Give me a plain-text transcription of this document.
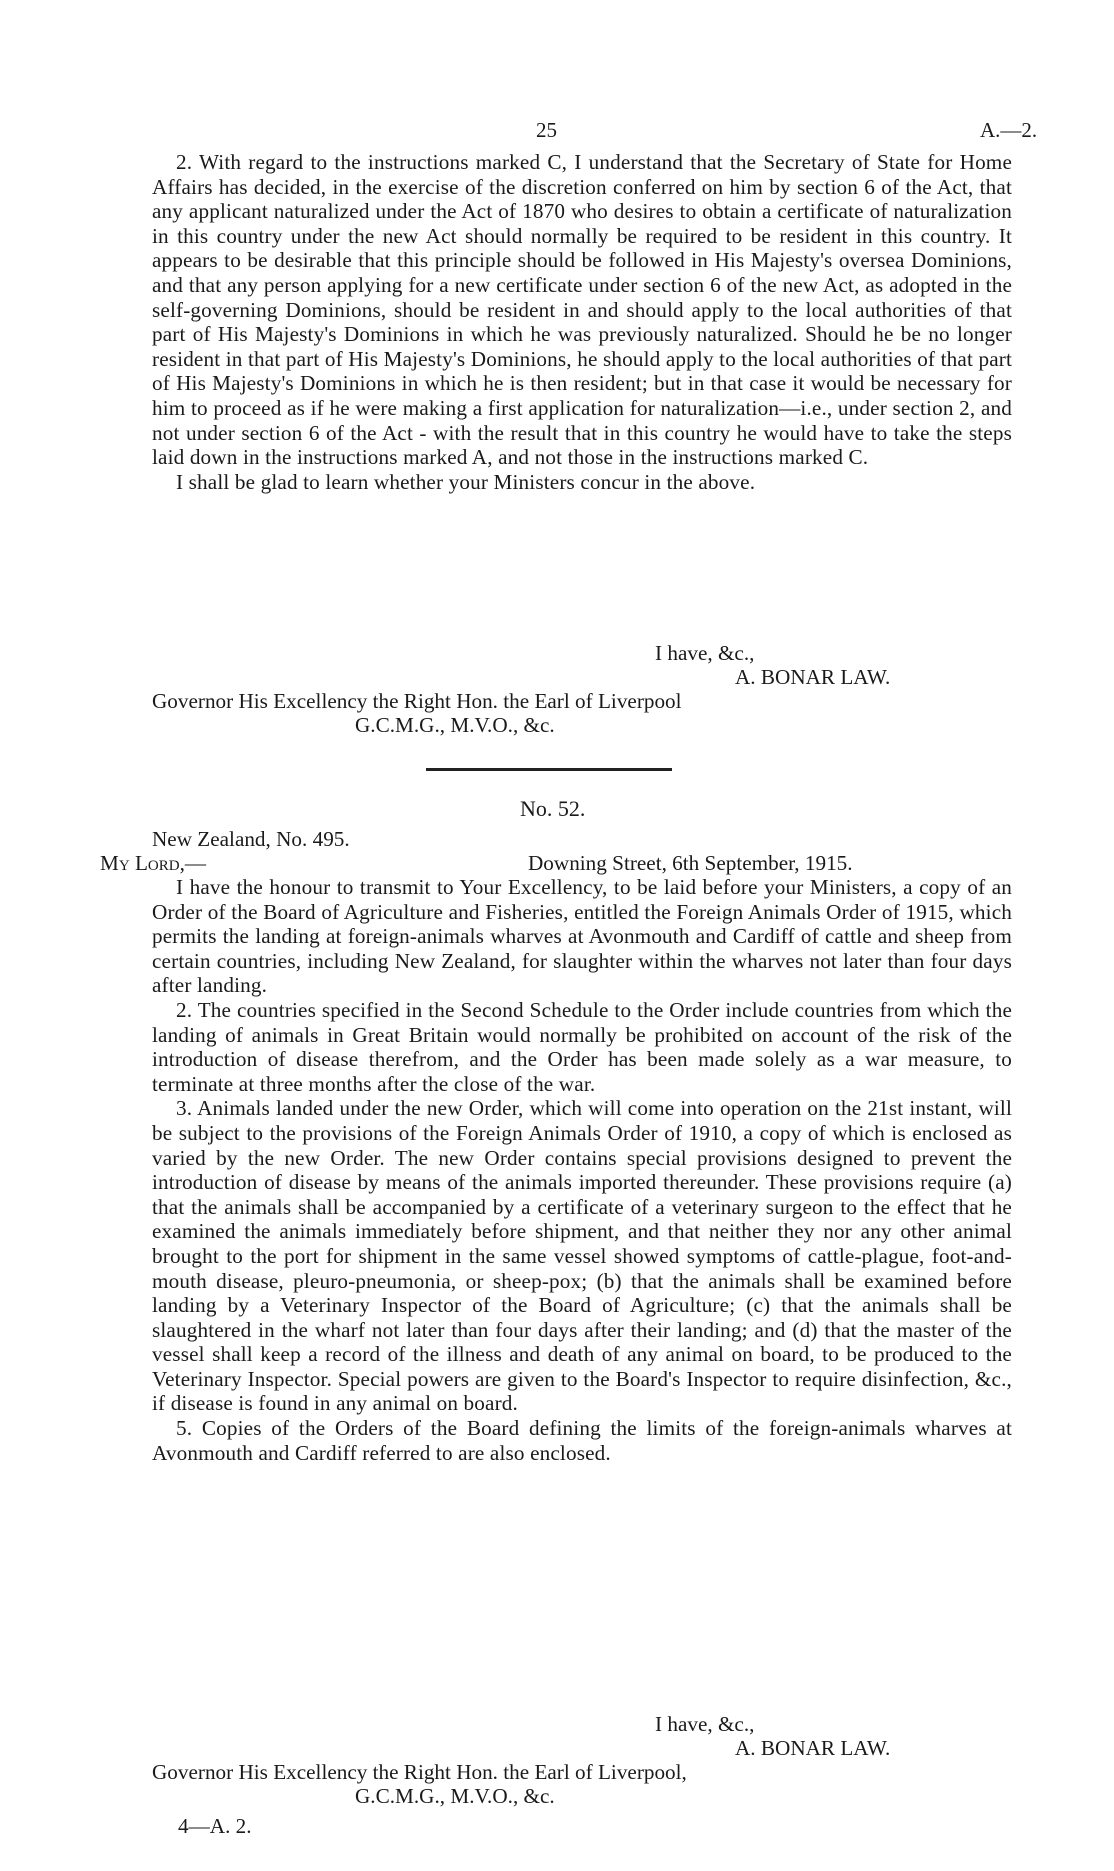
25	A.—2.

2. With regard to the instructions marked C, I understand that the Secretary of State for Home Affairs has decided, in the exercise of the discretion conferred on him by section 6 of the Act, that any applicant naturalized under the Act of 1870 who desires to obtain a certificate of naturalization in this country under the new Act should normally be required to be resident in this country. It appears to be desirable that this principle should be followed in His Majesty's oversea Dominions, and that any person applying for a new certificate under section 6 of the new Act, as adopted in the self-governing Dominions, should be resident in and should apply to the local authorities of that part of His Majesty's Dominions in which he was previously naturalized. Should he be no longer resident in that part of His Majesty's Dominions, he should apply to the local authorities of that part of His Majesty's Dominions in which he is then resident; but in that case it would be necessary for him to proceed as if he were making a first application for naturalization—i.e., under section 2, and not under section 6 of the Act - with the result that in this country he would have to take the steps laid down in the instructions marked A, and not those in the instructions marked C.

I shall be glad to learn whether your Ministers concur in the above.

I have, &c.,
A. BONAR LAW.
Governor His Excellency the Right Hon. the Earl of Liverpool
G.C.M.G., M.V.O., &c.
No. 52.
New Zealand, No. 495.
My Lord,—	Downing Street, 6th September, 1915.

I have the honour to transmit to Your Excellency, to be laid before your Ministers, a copy of an Order of the Board of Agriculture and Fisheries, entitled the Foreign Animals Order of 1915, which permits the landing at foreign-animals wharves at Avonmouth and Cardiff of cattle and sheep from certain countries, including New Zealand, for slaughter within the wharves not later than four days after landing.

2. The countries specified in the Second Schedule to the Order include countries from which the landing of animals in Great Britain would normally be prohibited on account of the risk of the introduction of disease therefrom, and the Order has been made solely as a war measure, to terminate at three months after the close of the war.

3. Animals landed under the new Order, which will come into operation on the 21st instant, will be subject to the provisions of the Foreign Animals Order of 1910, a copy of which is enclosed as varied by the new Order. The new Order contains special provisions designed to prevent the introduction of disease by means of the animals imported thereunder. These provisions require (a) that the animals shall be accompanied by a certificate of a veterinary surgeon to the effect that he examined the animals immediately before shipment, and that neither they nor any other animal brought to the port for shipment in the same vessel showed symptoms of cattle-plague, foot-and-mouth disease, pleuro-pneumonia, or sheep-pox; (b) that the animals shall be examined before landing by a Veterinary Inspector of the Board of Agriculture; (c) that the animals shall be slaughtered in the wharf not later than four days after their landing; and (d) that the master of the vessel shall keep a record of the illness and death of any animal on board, to be produced to the Veterinary Inspector. Special powers are given to the Board's Inspector to require disinfection, &c., if disease is found in any animal on board.

5. Copies of the Orders of the Board defining the limits of the foreign-animals wharves at Avonmouth and Cardiff referred to are also enclosed.

I have, &c.,
A. BONAR LAW.
Governor His Excellency the Right Hon. the Earl of Liverpool,
G.C.M.G., M.V.O., &c.
4—A. 2.
